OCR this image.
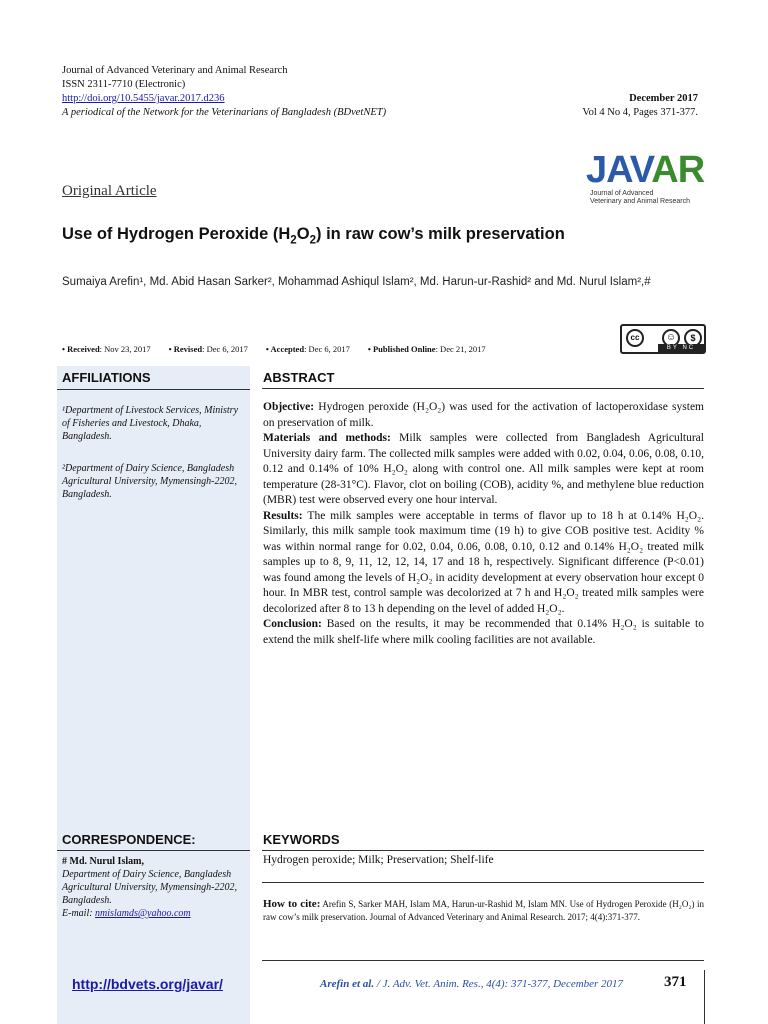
Journal of Advanced Veterinary and Animal Research
ISSN 2311-7710 (Electronic)
http://doi.org/10.5455/javar.2017.d236
A periodical of the Network for the Veterinarians of Bangladesh (BDvetNET)
December 2017
Vol 4 No 4, Pages 371-377.
JAVAR
Journal of Advanced
Veterinary and Animal Research
Original Article
Use of Hydrogen Peroxide $(H_2O_2)$ in raw cow’s milk preservation
Sumaiya Arefin¹, Md. Abid Hasan Sarker², Mohammad Ashiqul Islam², Md. Harun-ur-Rashid² and Md. Nurul Islam²,#
• Received: Nov 23, 2017 • Revised: Dec 6, 2017 • Accepted: Dec 6, 2017 • Published Online: Dec 21, 2017
cc	☺	$
BY NC
AFFILIATIONS
¹Department of Livestock Services, Ministry of Fisheries and Livestock, Dhaka, Bangladesh.
²Department of Dairy Science, Bangladesh Agricultural University, Mymensingh-2202, Bangladesh.
ABSTRACT

Objective: Hydrogen peroxide (H₂O₂) was used for the activation of lactoperoxidase system on preservation of milk.

Materials and methods: Milk samples were collected from Bangladesh Agricultural University dairy farm. The collected milk samples were added with 0.02, 0.04, 0.06, 0.08, 0.10, 0.12 and 0.14% of 10% H₂O₂ along with control one. All milk samples were kept at room temperature (28-31°C). Flavor, clot on boiling (COB), acidity %, and methylene blue reduction (MBR) test were observed every one hour interval.

Results: The milk samples were acceptable in terms of flavor up to 18 h at 0.14% H₂O₂. Similarly, this milk sample took maximum time (19 h) to give COB positive test. Acidity % was within normal range for 0.02, 0.04, 0.06, 0.08, 0.10, 0.12 and 0.14% H₂O₂ treated milk samples up to 8, 9, 11, 12, 12, 14, 17 and 18 h, respectively. Significant difference (P<0.01) was found among the levels of H₂O₂ in acidity development at every observation hour except 0 hour. In MBR test, control sample was decolorized at 7 h and H₂O₂ treated milk samples were decolorized after 8 to 13 h depending on the level of added H₂O₂.

Conclusion: Based on the results, it may be recommended that 0.14% H₂O₂ is suitable to extend the milk shelf-life where milk cooling facilities are not available.

CORRESPONDENCE:
# Md. Nurul Islam,
Department of Dairy Science, Bangladesh Agricultural University, Mymensingh-2202, Bangladesh.
E-mail: nmislamds@yahoo.com
KEYWORDS
Hydrogen peroxide; Milk; Preservation; Shelf-life
How to cite: Arefin S, Sarker MAH, Islam MA, Harun-ur-Rashid M, Islam MN. Use of Hydrogen Peroxide (H₂O₂) in raw cow’s milk preservation. Journal of Advanced Veterinary and Animal Research. 2017; 4(4):371-377.
http://bdvets.org/javar/	Arefin et al. / J. Adv. Vet. Anim. Res., 4(4): 371-377, December 2017	371
